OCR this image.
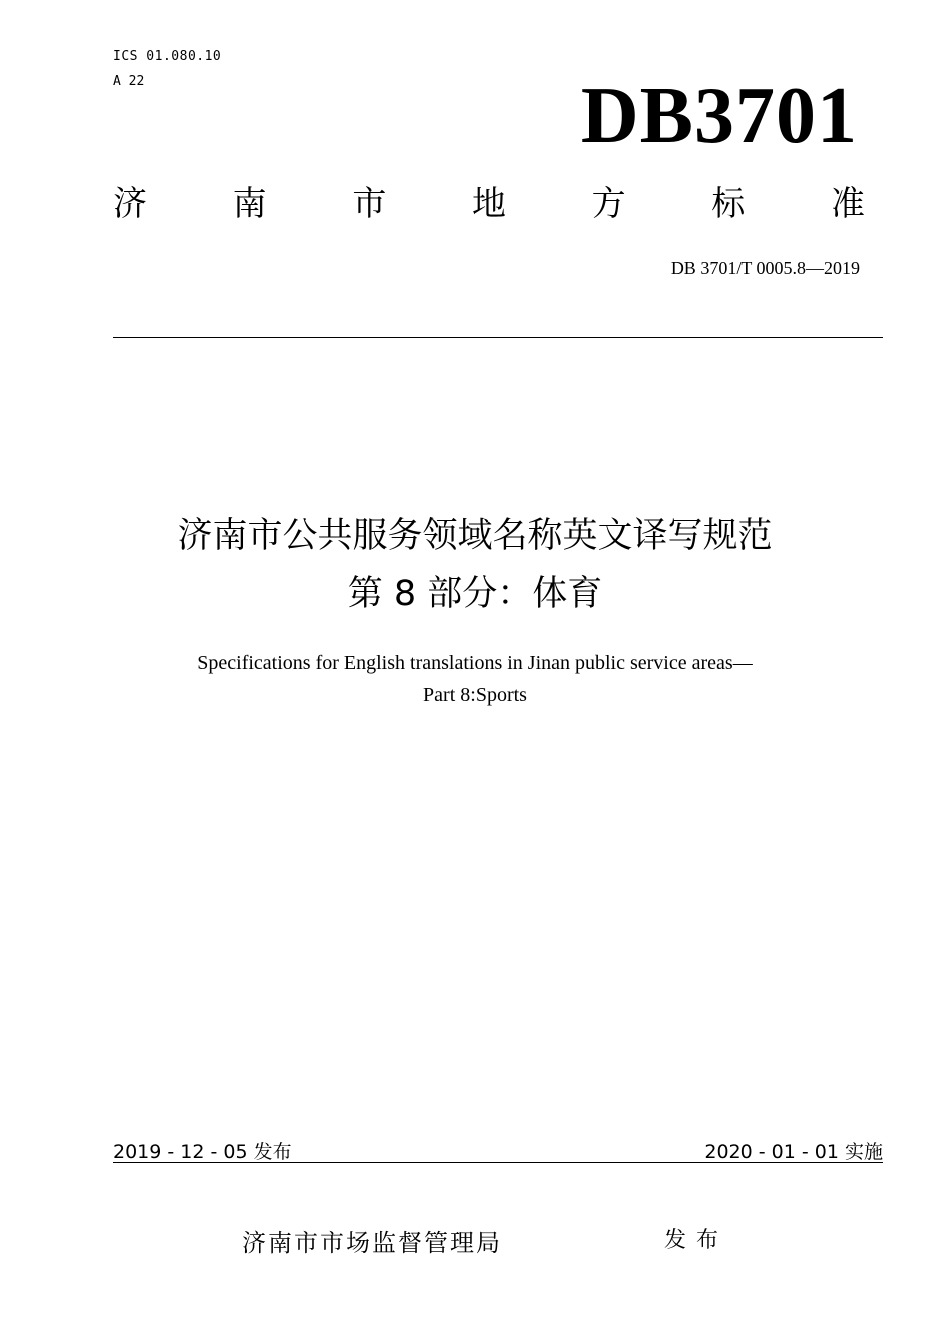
ICS 01.080.10
A 22	DB3701
济	南	市	地	方	标	准
DB 3701/T 0005.8—2019
济南市公共服务领域名称英文译写规范
第 8 部分：体育
Specifications for English translations in Jinan public service areas—
Part 8:Sports
2019 - 12 - 05 发布	2020 - 01 - 01 实施
济南市市场监督管理局	发布
